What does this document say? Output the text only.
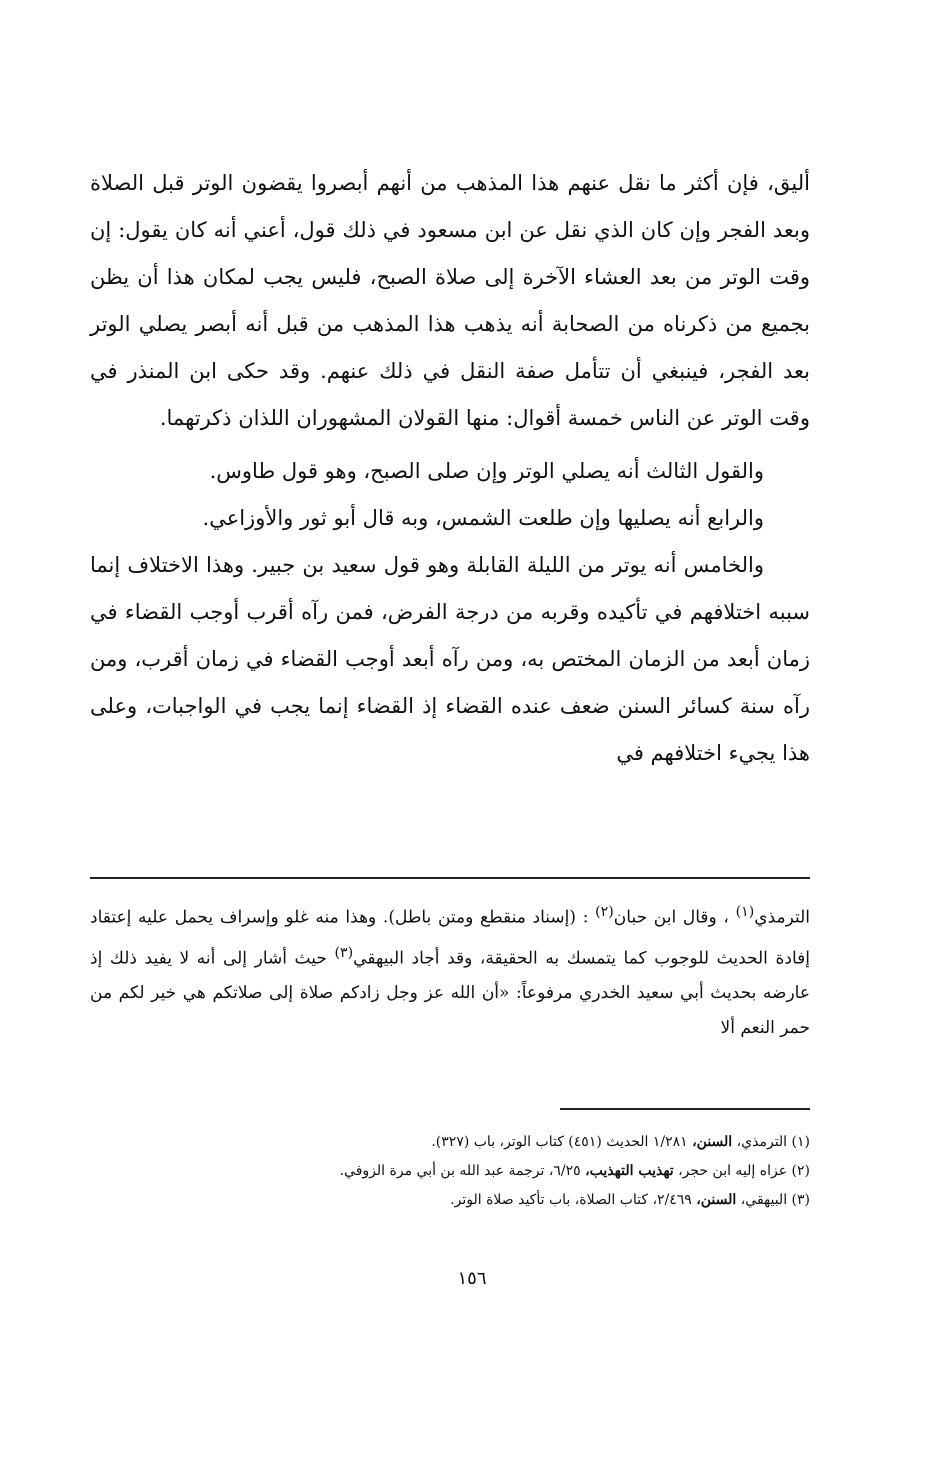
أليق، فإن أكثر ما نقل عنهم هذا المذهب من أنهم أبصروا يقضون الوتر قبل الصلاة وبعد الفجر وإن كان الذي نقل عن ابن مسعود في ذلك قول، أعني أنه كان يقول: إن وقت الوتر من بعد العشاء الآخرة إلى صلاة الصبح، فليس يجب لمكان هذا أن يظن بجميع من ذكرناه من الصحابة أنه يذهب هذا المذهب من قبل أنه أبصر يصلي الوتر بعد الفجر، فينبغي أن تتأمل صفة النقل في ذلك عنهم. وقد حكى ابن المنذر في وقت الوتر عن الناس خمسة أقوال: منها القولان المشهوران اللذان ذكرتهما.

والقول الثالث أنه يصلي الوتر وإن صلى الصبح، وهو قول طاوس.

والرابع أنه يصليها وإن طلعت الشمس، وبه قال أبو ثور والأوزاعي.

والخامس أنه يوتر من الليلة القابلة وهو قول سعيد بن جبير. وهذا الاختلاف إنما سببه اختلافهم في تأكيده وقربه من درجة الفرض، فمن رآه أقرب أوجب القضاء في زمان أبعد من الزمان المختص به، ومن رآه أبعد أوجب القضاء في زمان أقرب، ومن رآه سنة كسائر السنن ضعف عنده القضاء إذ القضاء إنما يجب في الواجبات، وعلى هذا يجيء اختلافهم في

الترمذي$^{(١)}$ ، وقال ابن حبان$^{(٢)}$ : (إسناد منقطع ومتن باطل). وهذا منه غلو وإسراف يحمل عليه إعتقاد إفادة الحديث للوجوب كما يتمسك به الحقيقة، وقد أجاد البيهقي$^{(٣)}$ حيث أشار إلى أنه لا يفيد ذلك إذ عارضه بحديث أبي سعيد الخدري مرفوعاً: «أن الله عز وجل زادكم صلاة إلى صلاتكم هي خير لكم من حمر النعم ألا

(١) الترمذي، السنن، ١/٢٨١ الحديث (٤٥١) كتاب الوتر، باب (٣٢٧).

(٢) عزاه إليه ابن حجر، تهذيب التهذيب، ٦/٢٥، ترجمة عبد الله بن أبي مرة الزوفي.

(٣) البيهقي، السنن، ٢/٤٦٩، كتاب الصلاة، باب تأكيد صلاة الوتر.

١٥٦
